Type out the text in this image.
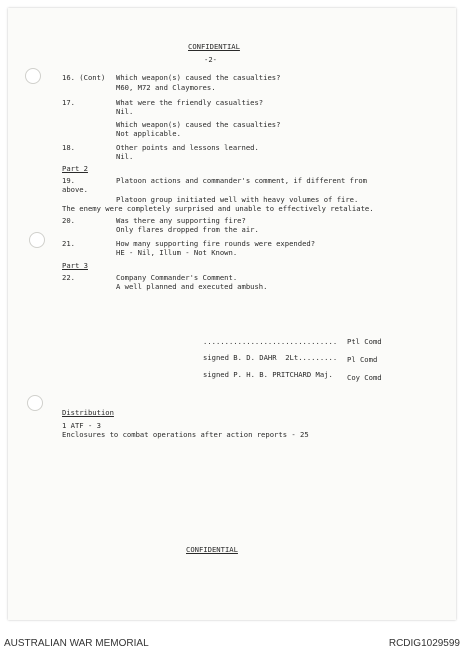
CONFIDENTIAL
-2-
16. (Cont) Which weapon(s) caused the casualties?
M60, M72 and Claymores.
17.	What were the friendly casualties?
Nil.
Which weapon(s) caused the casualties?
Not applicable.
18.	Other points and lessons learned.
Nil.
Part 2
19.	Platoon actions and commander's comment, if different from
above.
Platoon group initiated well with heavy volumes of fire.
The enemy were completely surprised and unable to effectively retaliate.
20.	Was there any supporting fire?
Only flares dropped from the air.
21.	How many supporting fire rounds were expended?
HE - Nil, Illum - Not Known.
Part 3
22.	Company Commander's Comment.
A well planned and executed ambush.
............................... Ptl Comd
signed B. D. DAHR  2Lt......... Pl Comd
signed P. H. B. PRITCHARD Maj. Coy Comd
Distribution
1 ATF - 3
Enclosures to combat operations after action reports - 25
CONFIDENTIAL
AUSTRALIAN WAR MEMORIAL	RCDIG1029599
